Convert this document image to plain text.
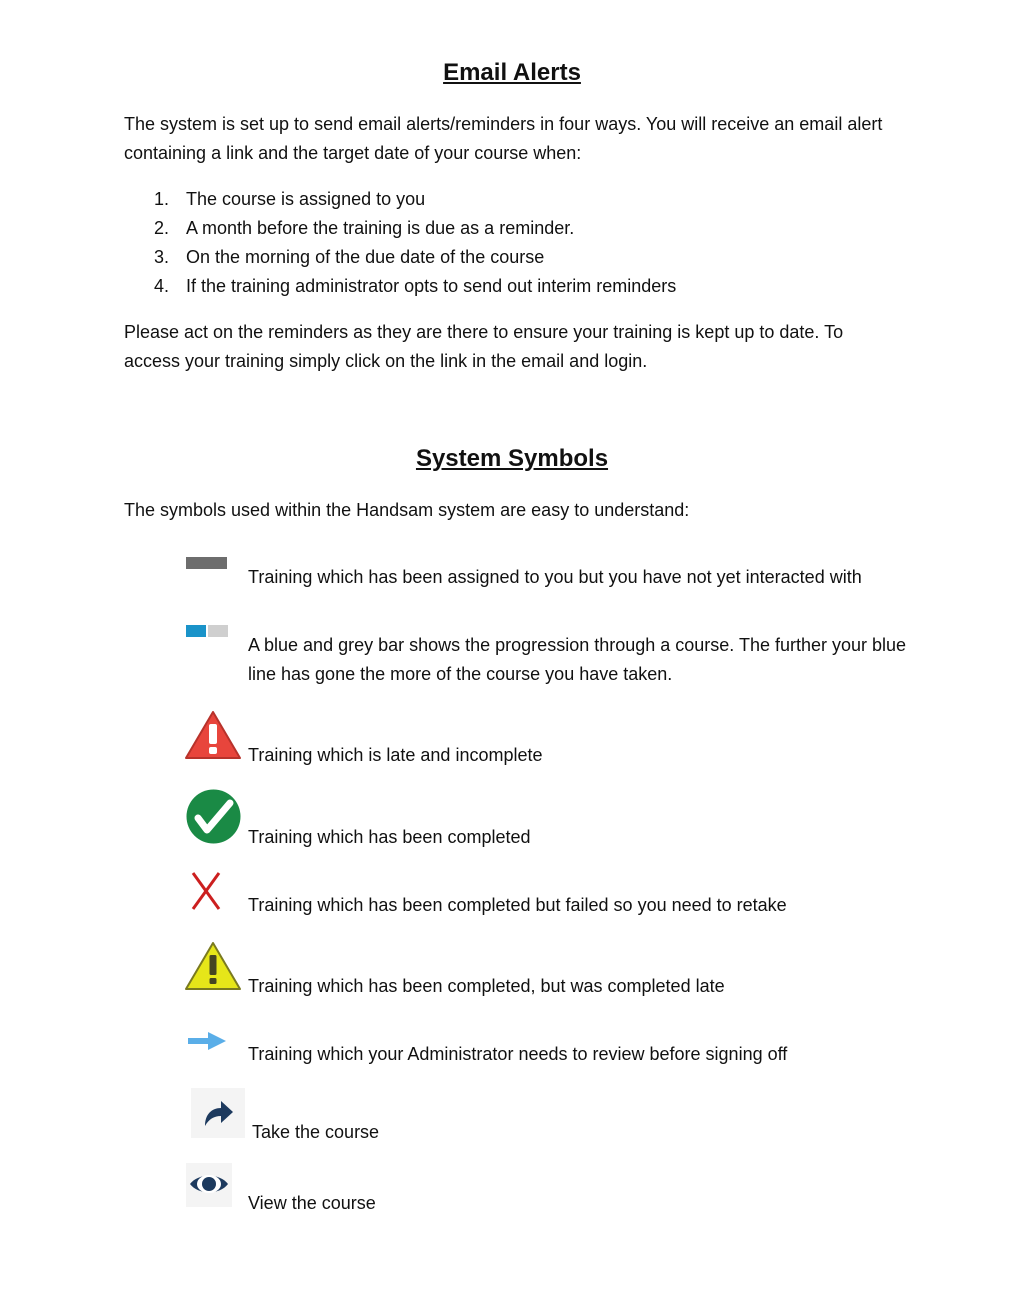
Email Alerts

The system is set up to send email alerts/reminders in four ways. You will receive an email alert containing a link and the target date of your course when:

1. The course is assigned to you
2. A month before the training is due as a reminder.
3. On the morning of the due date of the course
4. If the training administrator opts to send out interim reminders

Please act on the reminders as they are there to ensure your training is kept up to date. To access your training simply click on the link in the email and login.

System Symbols

The symbols used within the Handsam system are easy to understand:

Training which has been assigned to you but you have not yet interacted with
A blue and grey bar shows the progression through a course. The further your blue line has gone the more of the course you have taken.
Training which is late and incomplete
Training which has been completed
Training which has been completed but failed so you need to retake
Training which has been completed, but was completed late
Training which your Administrator needs to review before signing off
Take the course
View the course
